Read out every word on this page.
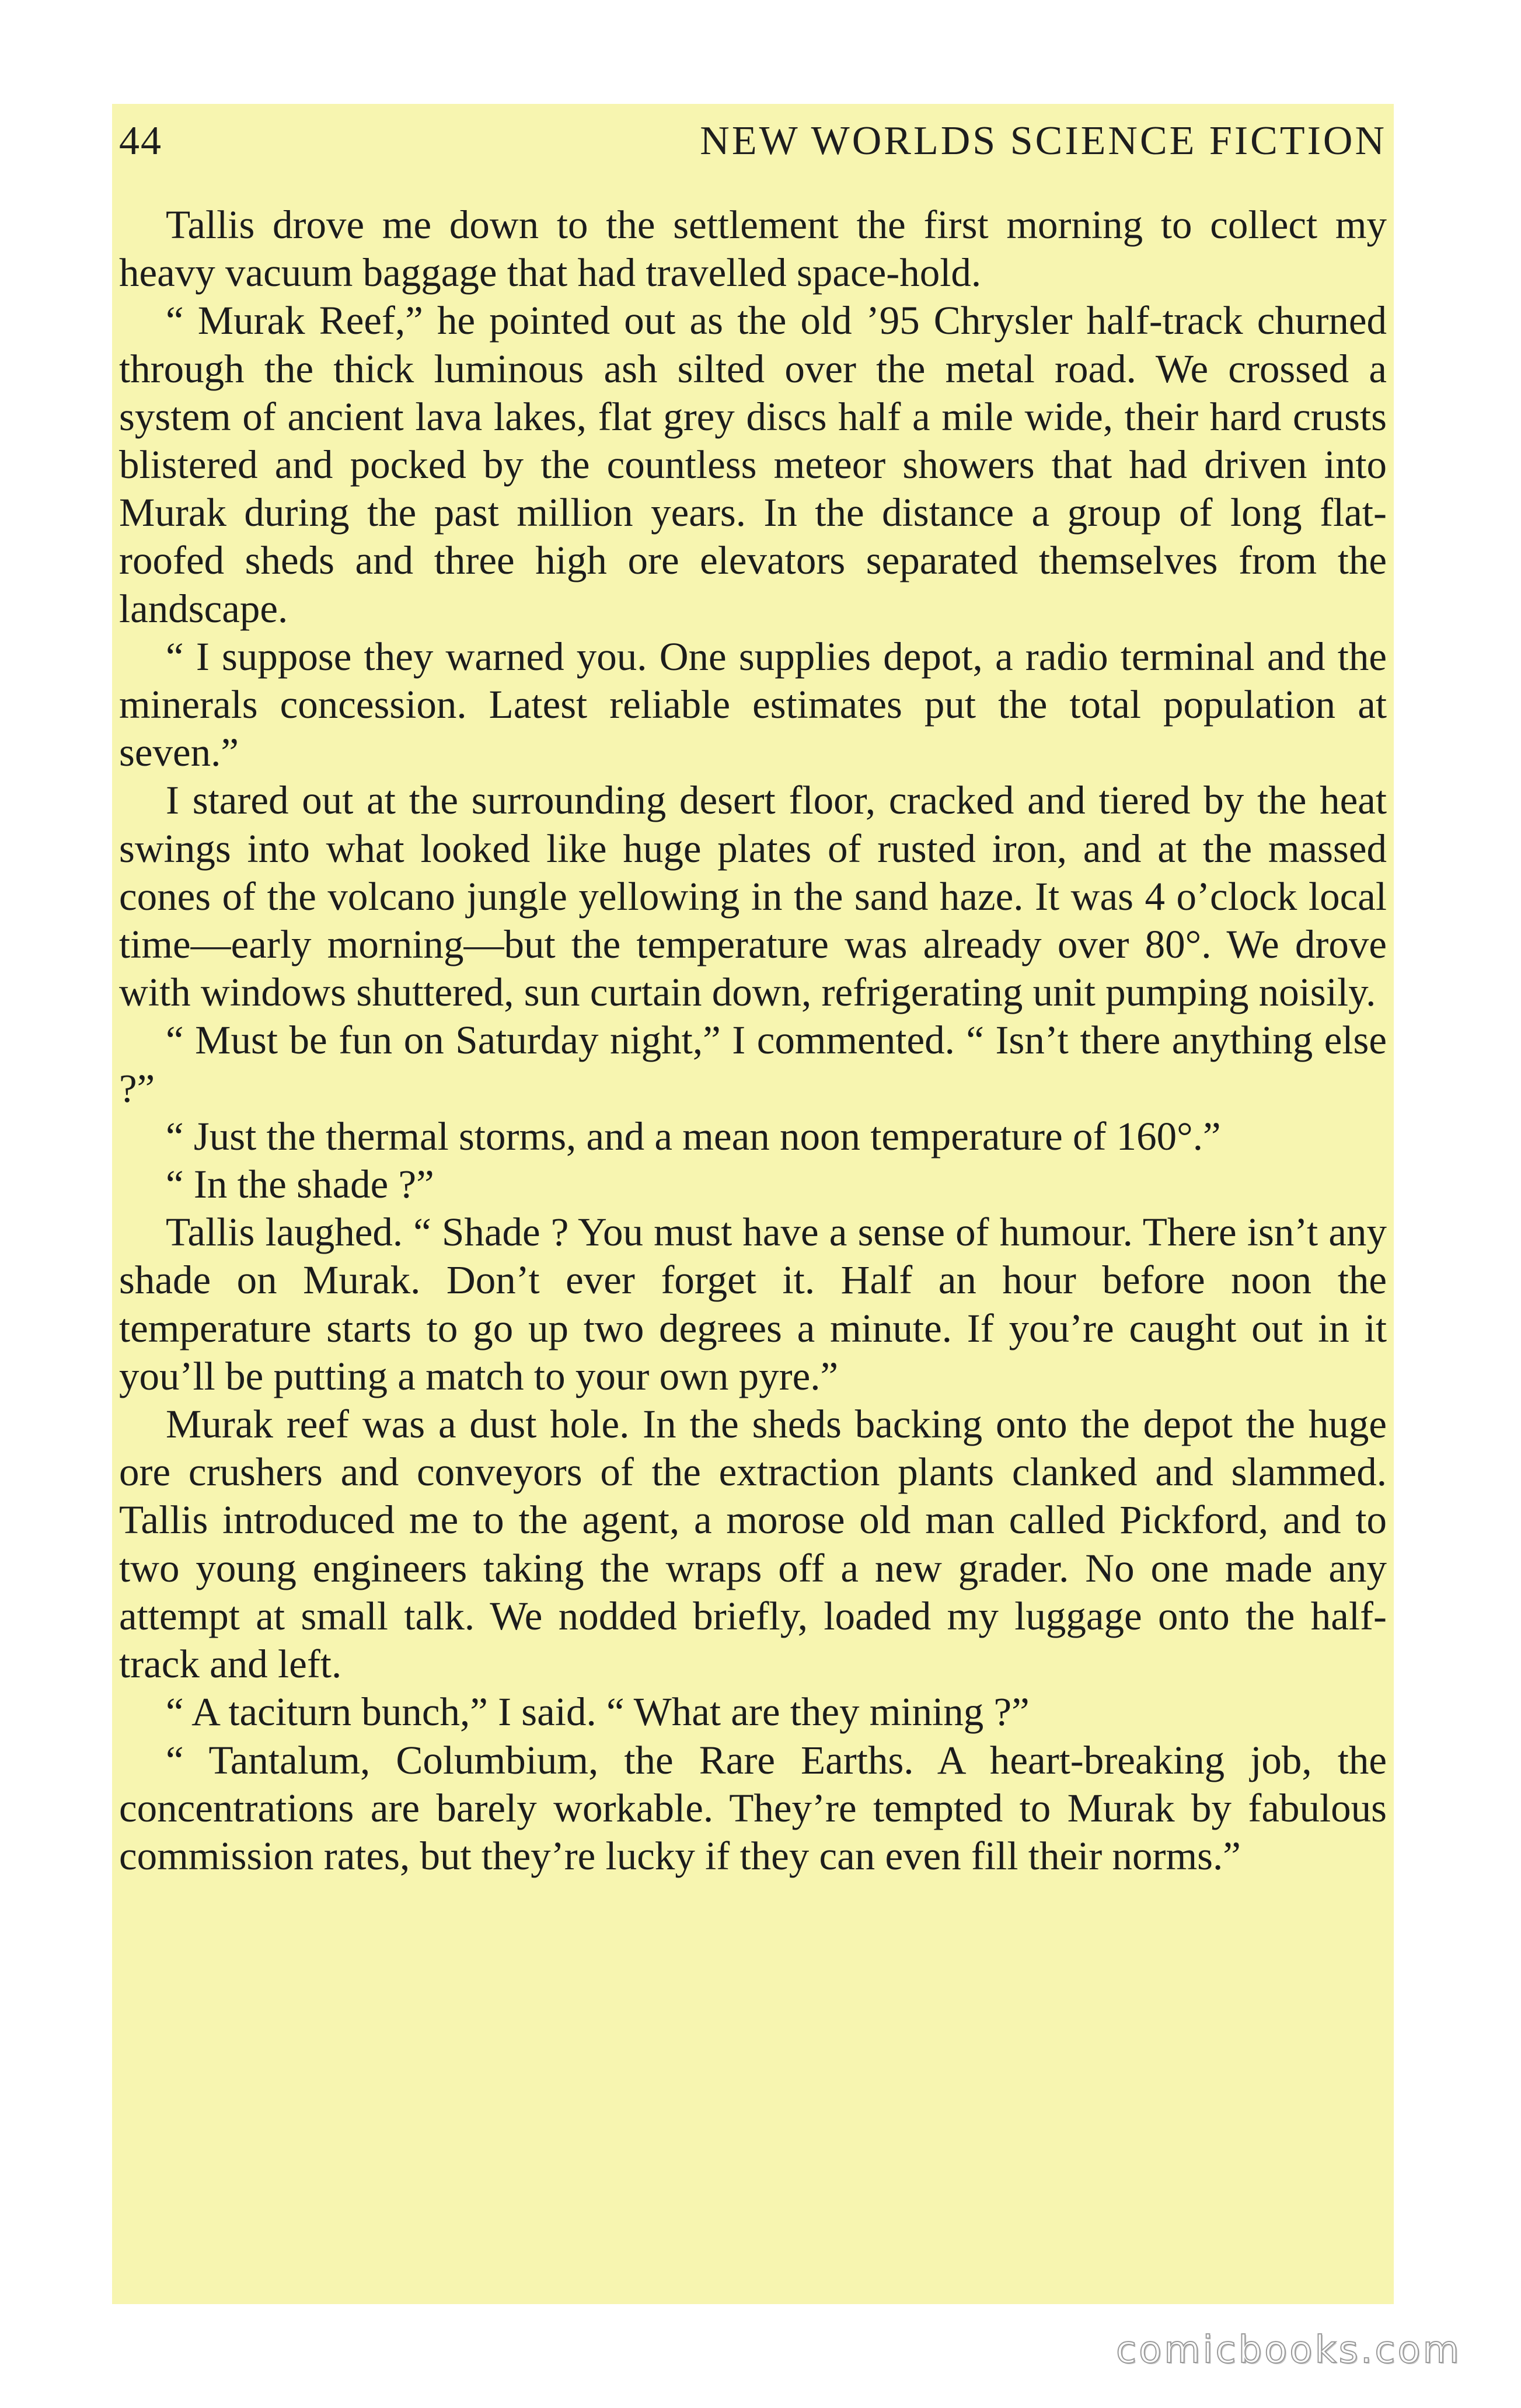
44	NEW WORLDS SCIENCE FICTION

Tallis drove me down to the settlement the first morning to collect my heavy vacuum baggage that had travelled space-hold.

“ Murak Reef,” he pointed out as the old ’95 Chrysler half-track churned through the thick luminous ash silted over the metal road. We crossed a system of ancient lava lakes, flat grey discs half a mile wide, their hard crusts blistered and pocked by the countless meteor showers that had driven into Murak during the past million years. In the distance a group of long flat-roofed sheds and three high ore elevators separated themselves from the landscape.

“ I suppose they warned you. One supplies depot, a radio terminal and the minerals concession. Latest reliable estimates put the total population at seven.”

I stared out at the surrounding desert floor, cracked and tiered by the heat swings into what looked like huge plates of rusted iron, and at the massed cones of the volcano jungle yellowing in the sand haze. It was 4 o’clock local time—early morning—but the temperature was already over 80°. We drove with windows shuttered, sun curtain down, refrigerating unit pumping noisily.

“ Must be fun on Saturday night,” I commented. “ Isn’t there anything else ?”

“ Just the thermal storms, and a mean noon temperature of 160°.”

“ In the shade ?”

Tallis laughed. “ Shade ? You must have a sense of humour. There isn’t any shade on Murak. Don’t ever forget it. Half an hour before noon the temperature starts to go up two degrees a minute. If you’re caught out in it you’ll be putting a match to your own pyre.”

Murak reef was a dust hole. In the sheds backing onto the depot the huge ore crushers and conveyors of the extraction plants clanked and slammed. Tallis introduced me to the agent, a morose old man called Pickford, and to two young engineers taking the wraps off a new grader. No one made any attempt at small talk. We nodded briefly, loaded my luggage onto the half-track and left.

“ A taciturn bunch,” I said. “ What are they mining ?”

“ Tantalum, Columbium, the Rare Earths. A heart-breaking job, the concentrations are barely workable. They’re tempted to Murak by fabulous commission rates, but they’re lucky if they can even fill their norms.”

comicbooks.com
